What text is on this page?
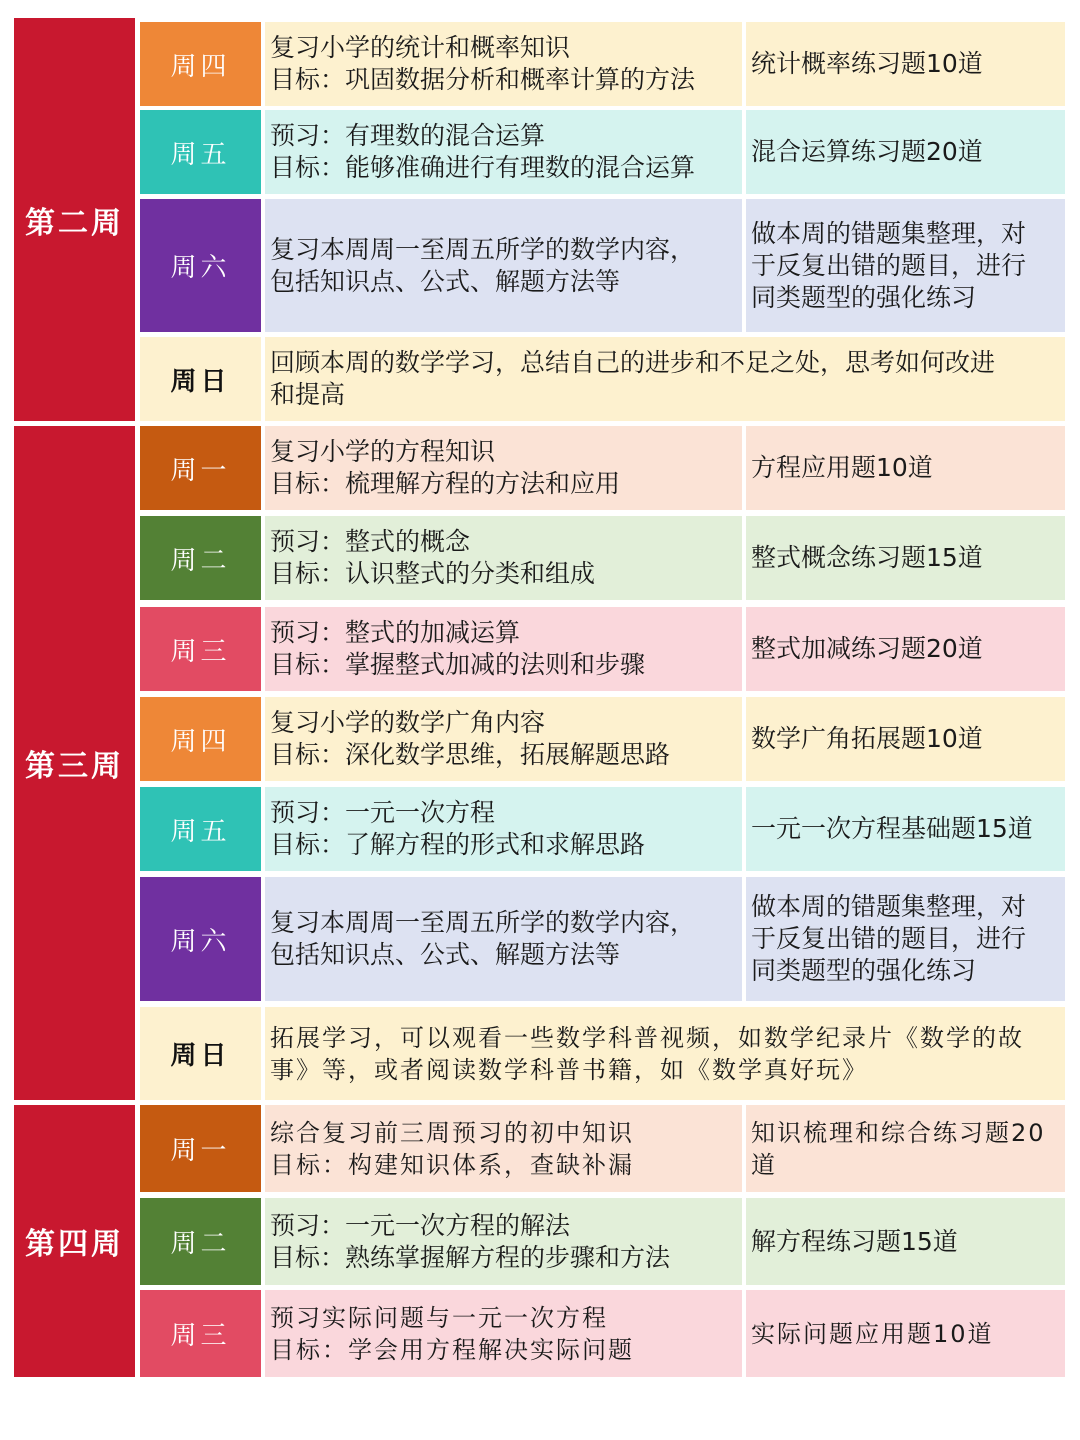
第二周
周四
复习小学的统计和概率知识
目标：巩固数据分析和概率计算的方法
统计概率练习题10道
周五
预习：有理数的混合运算
目标：能够准确进行有理数的混合运算
混合运算练习题20道
周六
复习本周周一至周五所学的数学内容，
包括知识点、公式、解题方法等
做本周的错题集整理，对
于反复出错的题目，进行
同类题型的强化练习
周日
回顾本周的数学学习，总结自己的进步和不足之处，思考如何改进
和提高
第三周
周一
复习小学的方程知识
目标：梳理解方程的方法和应用
方程应用题10道
周二
预习：整式的概念
目标：认识整式的分类和组成
整式概念练习题15道
周三
预习：整式的加减运算
目标：掌握整式加减的法则和步骤
整式加减练习题20道
周四
复习小学的数学广角内容
目标：深化数学思维，拓展解题思路
数学广角拓展题10道
周五
预习：一元一次方程
目标：了解方程的形式和求解思路
一元一次方程基础题15道
周六
复习本周周一至周五所学的数学内容，
包括知识点、公式、解题方法等
做本周的错题集整理，对
于反复出错的题目，进行
同类题型的强化练习
周日
拓展学习，可以观看一些数学科普视频，如数学纪录片《数学的故
事》等，或者阅读数学科普书籍，如《数学真好玩》
第四周
周一
综合复习前三周预习的初中知识
目标：构建知识体系，查缺补漏
知识梳理和综合练习题20
道
周二
预习：一元一次方程的解法
目标：熟练掌握解方程的步骤和方法
解方程练习题15道
周三
预习实际问题与一元一次方程
目标：学会用方程解决实际问题
实际问题应用题10道
